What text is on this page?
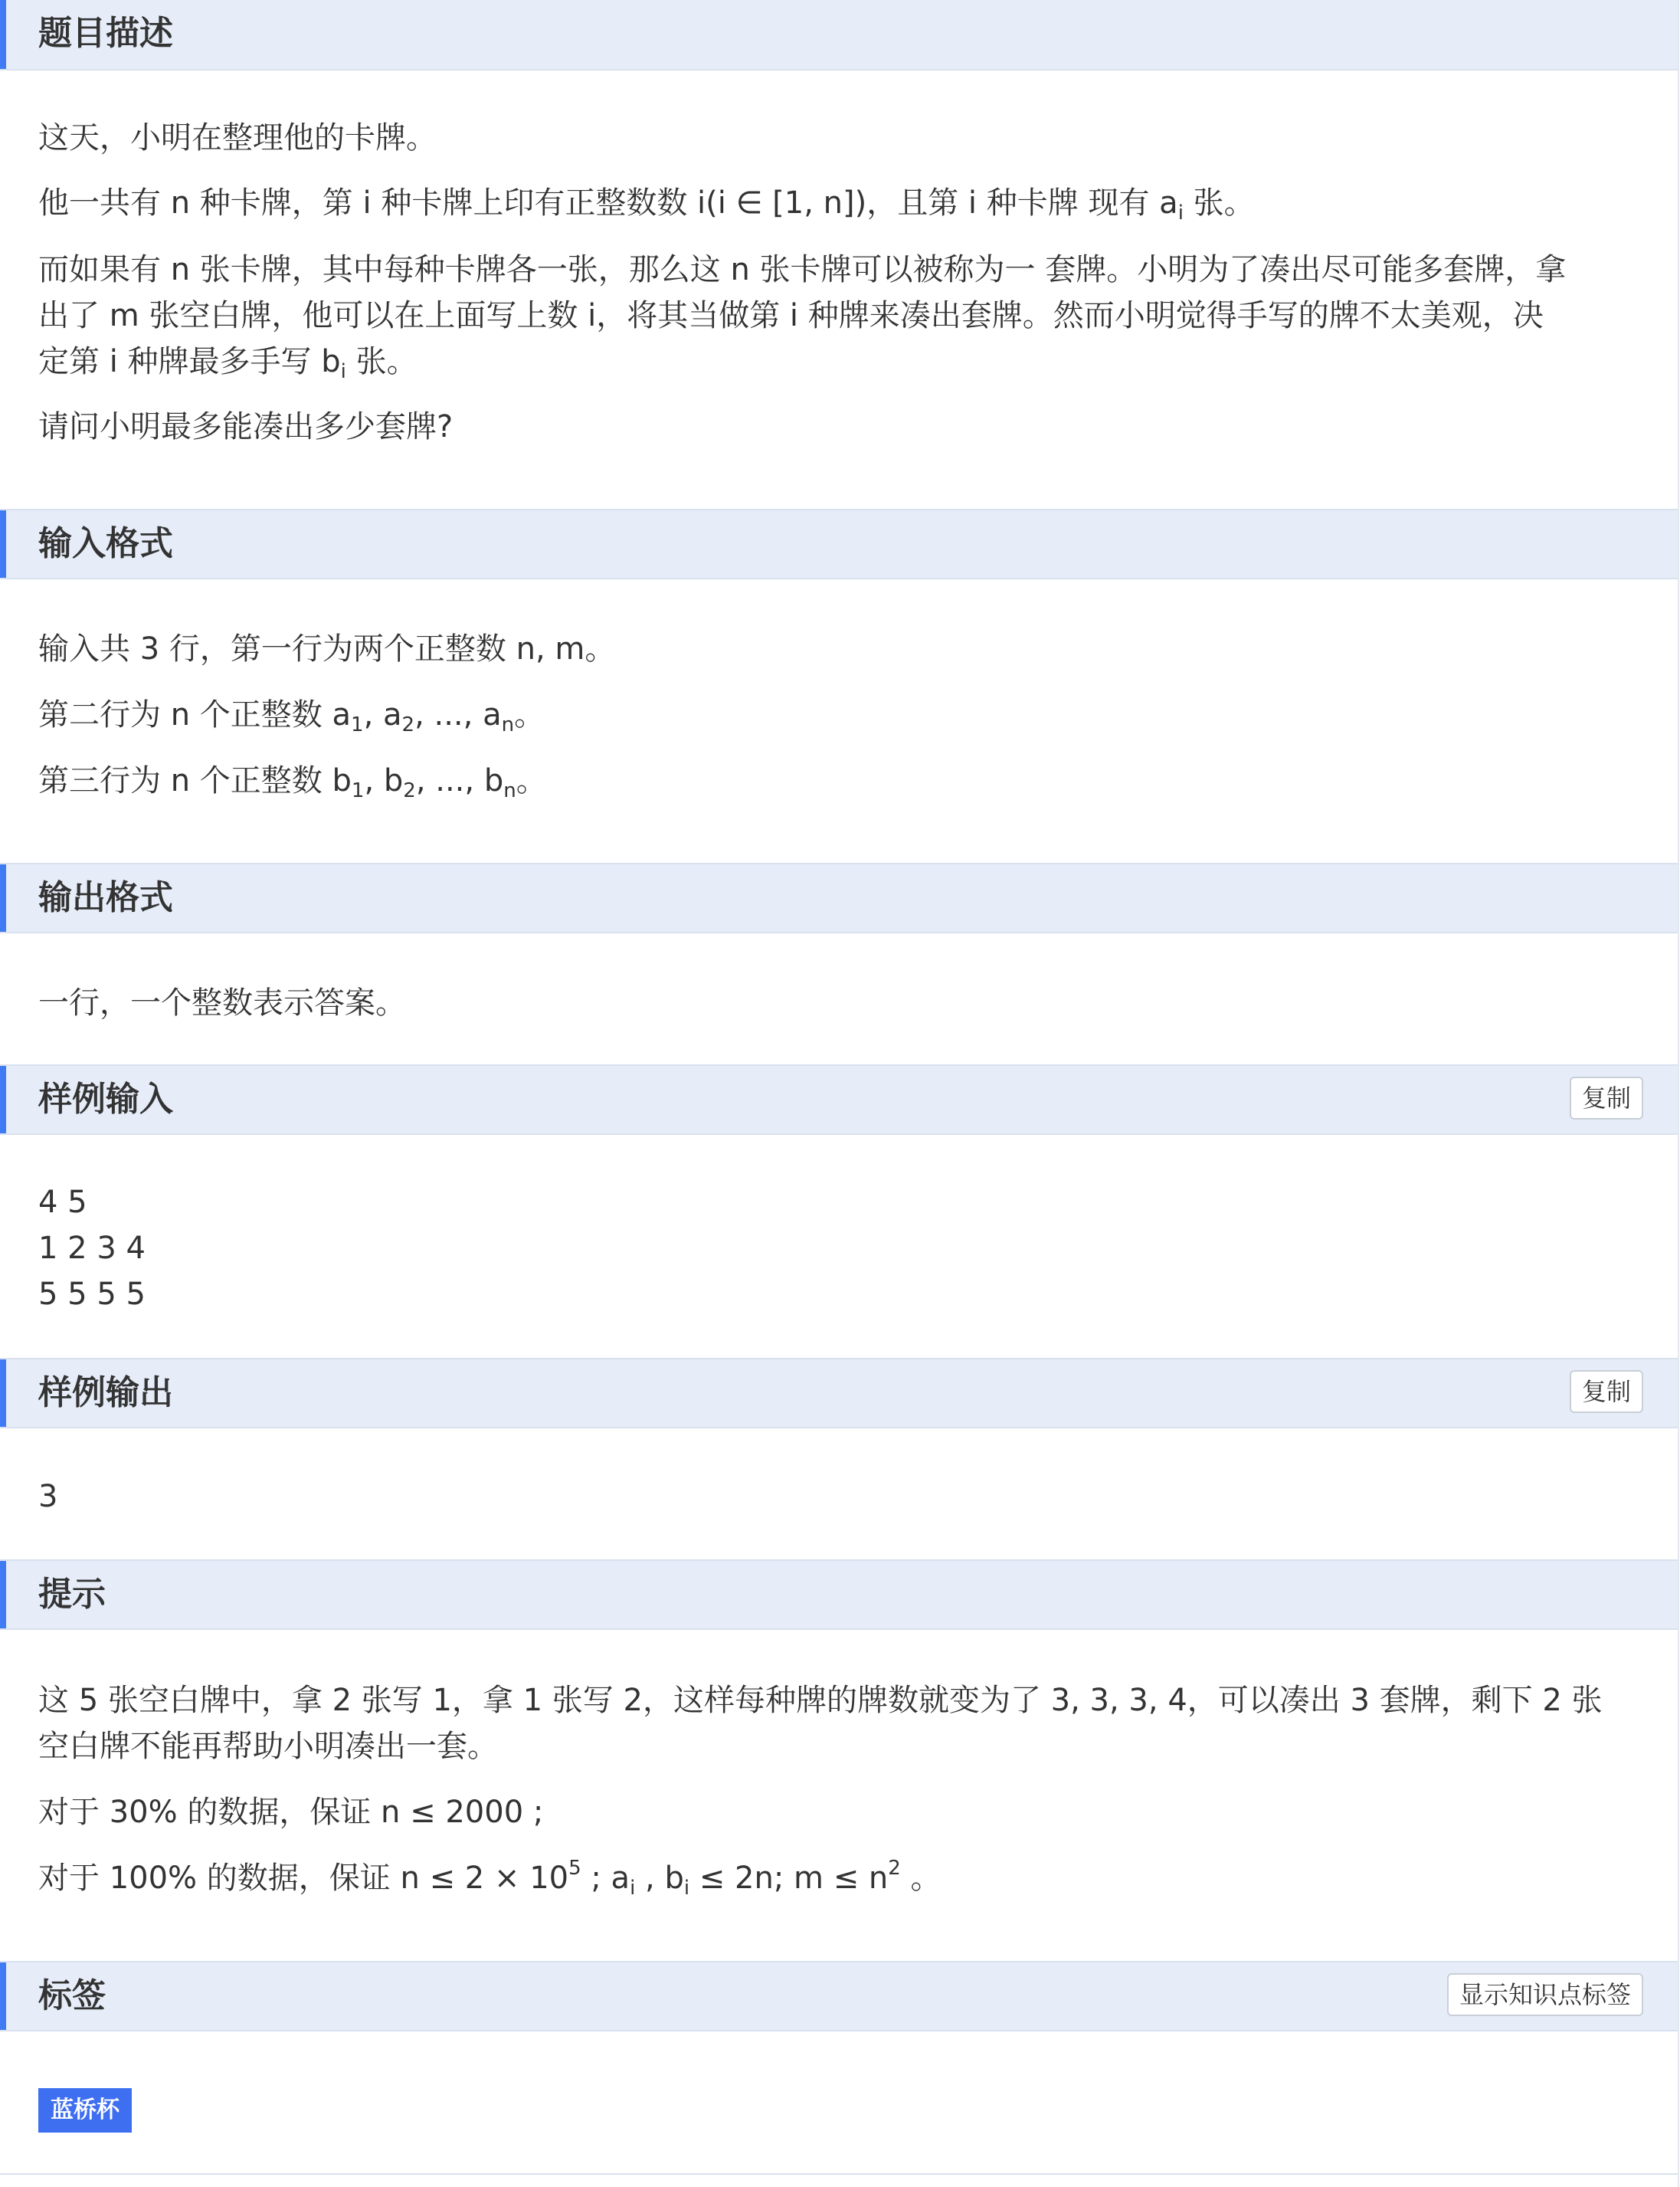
题目描述
这天，小明在整理他的卡牌。
他一共有 n 种卡牌，第 i 种卡牌上印有正整数数 i(i ∈ [1, n])，且第 i 种卡牌 现有 $a_i$ 张。
而如果有 n 张卡牌，其中每种卡牌各一张，那么这 n 张卡牌可以被称为一 套牌。小明为了凑出尽可能多套牌，拿
出了 m 张空白牌，他可以在上面写上数 i，将其当做第 i 种牌来凑出套牌。然而小明觉得手写的牌不太美观，决
定第 i 种牌最多手写 $b_i$ 张。
请问小明最多能凑出多少套牌?
输入格式
输入共 3 行，第一行为两个正整数 n, m。
第二行为 n 个正整数 $a_1$, $a_2$, ..., $a_n$。
第三行为 n 个正整数 $b_1$, $b_2$, ..., $b_n$。
输出格式
一行，一个整数表示答案。
样例输入	复制
4 5
1 2 3 4
5 5 5 5
样例输出	复制
3
提示
这 5 张空白牌中，拿 2 张写 1，拿 1 张写 2，这样每种牌的牌数就变为了 3, 3, 3, 4，可以凑出 3 套牌，剩下 2 张
空白牌不能再帮助小明凑出一套。
对于 30% 的数据，保证 n ≤ 2000 ;
对于 100% 的数据，保证 $n \le 2 \times 10^5$ ; $a_i$ , $b_i \le 2n$; $m \le n^2$ 。
标签	显示知识点标签
蓝桥杯
